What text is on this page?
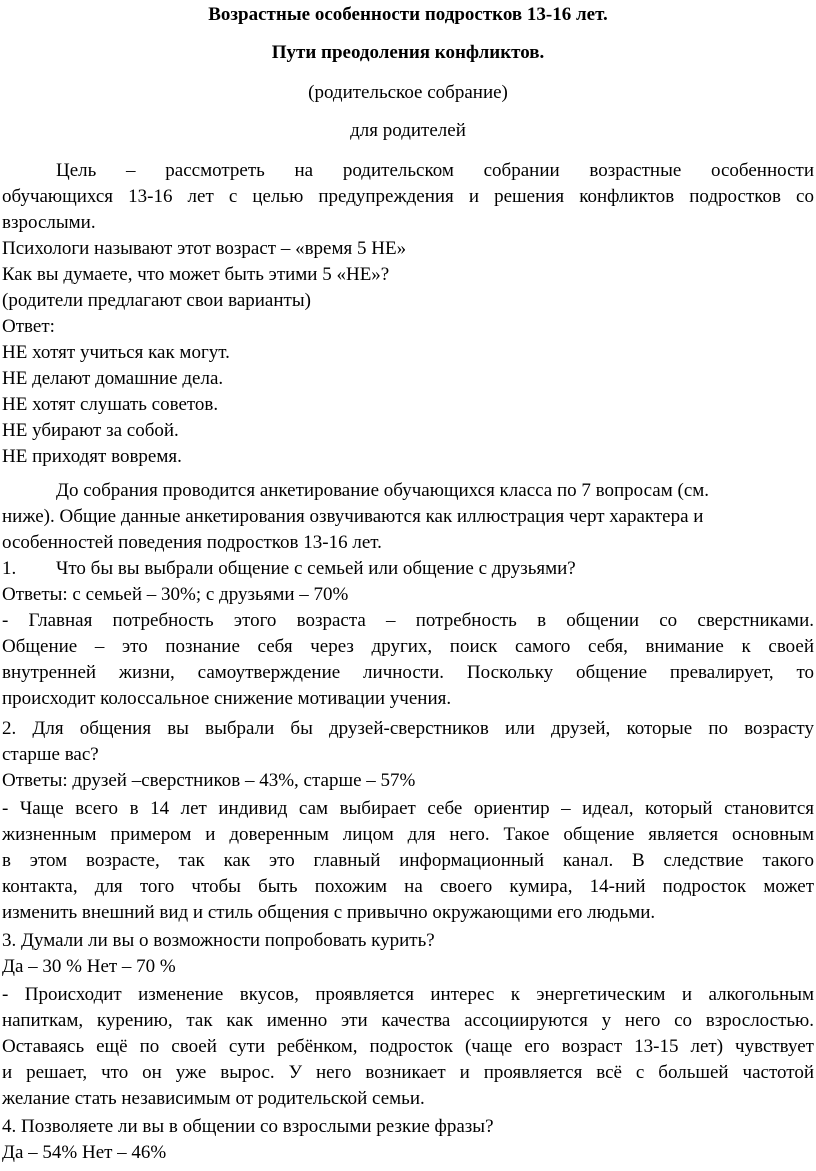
Возрастные особенности подростков 13-16 лет.
Пути преодоления конфликтов.
(родительское собрание)
для родителей
Цель – рассмотреть на родительском собрании возрастные особенности
обучающихся 13-16 лет с целью предупреждения и решения конфликтов подростков со
взрослыми.
Психологи называют этот возраст – «время 5 НЕ»
Как вы думаете, что может быть этими 5 «НЕ»?
(родители предлагают свои варианты)
Ответ:
НЕ хотят учиться как могут.
НЕ делают домашние дела.
НЕ хотят слушать советов.
НЕ убирают за собой.
НЕ приходят вовремя.
До собрания проводится анкетирование обучающихся класса по 7 вопросам (см.
ниже). Общие данные анкетирования озвучиваются как иллюстрация черт характера и
особенностей поведения подростков 13-16 лет.
1. Что бы вы выбрали общение с семьей или общение с друзьями?
Ответы: с семьей – 30%; с друзьями – 70%
- Главная потребность этого возраста – потребность в общении со сверстниками.
Общение – это познание себя через других, поиск самого себя, внимание к своей
внутренней жизни, самоутверждение личности. Поскольку общение превалирует, то
происходит колоссальное снижение мотивации учения.
2. Для общения вы выбрали бы друзей-сверстников или друзей, которые по возрасту
старше вас?
Ответы: друзей –сверстников – 43%, старше – 57%
- Чаще всего в 14 лет индивид сам выбирает себе ориентир – идеал, который становится
жизненным примером и доверенным лицом для него. Такое общение является основным
в этом возрасте, так как это главный информационный канал. В следствие такого
контакта, для того чтобы быть похожим на своего кумира, 14-ний подросток может
изменить внешний вид и стиль общения с привычно окружающими его людьми.
3. Думали ли вы о возможности попробовать курить?
Да – 30 % Нет – 70 %
- Происходит изменение вкусов, проявляется интерес к энергетическим и алкогольным
напиткам, курению, так как именно эти качества ассоциируются у него со взрослостью.
Оставаясь ещё по своей сути ребёнком, подросток (чаще его возраст 13-15 лет) чувствует
и решает, что он уже вырос. У него возникает и проявляется всё с большей частотой
желание стать независимым от родительской семьи.
4. Позволяете ли вы в общении со взрослыми резкие фразы?
Да – 54% Нет – 46%
